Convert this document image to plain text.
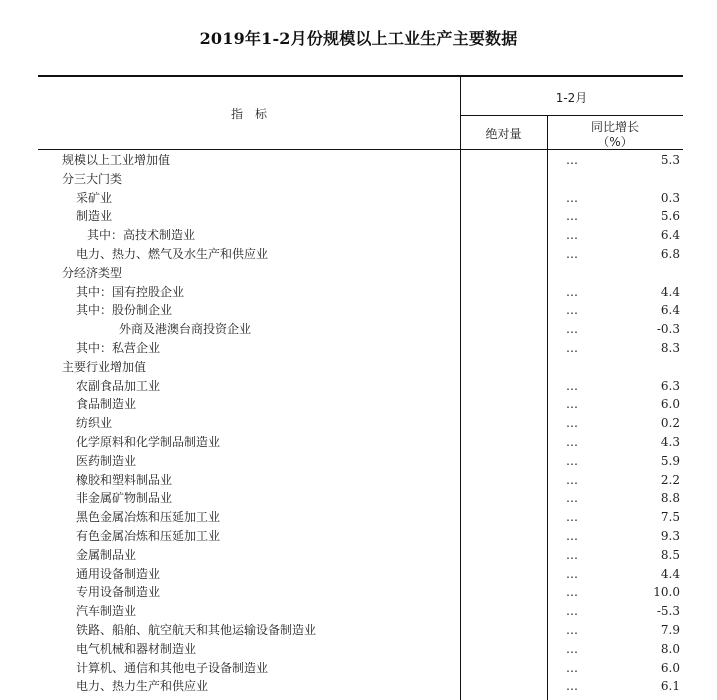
2019年1-2月份规模以上工业生产主要数据
指　标
1-2月
绝对量	同比增长
（%）
规模以上工业增加值	…	5.3
分三大门类
采矿业	…	0.3
制造业	…	5.6
其中：高技术制造业	…	6.4
电力、热力、燃气及水生产和供应业	…	6.8
分经济类型
其中：国有控股企业	…	4.4
其中：股份制企业	…	6.4
外商及港澳台商投资企业	…	-0.3
其中：私营企业	…	8.3
主要行业增加值
农副食品加工业	…	6.3
食品制造业	…	6.0
纺织业	…	0.2
化学原料和化学制品制造业	…	4.3
医药制造业	…	5.9
橡胶和塑料制品业	…	2.2
非金属矿物制品业	…	8.8
黑色金属冶炼和压延加工业	…	7.5
有色金属冶炼和压延加工业	…	9.3
金属制品业	…	8.5
通用设备制造业	…	4.4
专用设备制造业	…	10.0
汽车制造业	…	-5.3
铁路、船舶、航空航天和其他运输设备制造业	…	7.9
电气机械和器材制造业	…	8.0
计算机、通信和其他电子设备制造业	…	6.0
电力、热力生产和供应业	…	6.1
